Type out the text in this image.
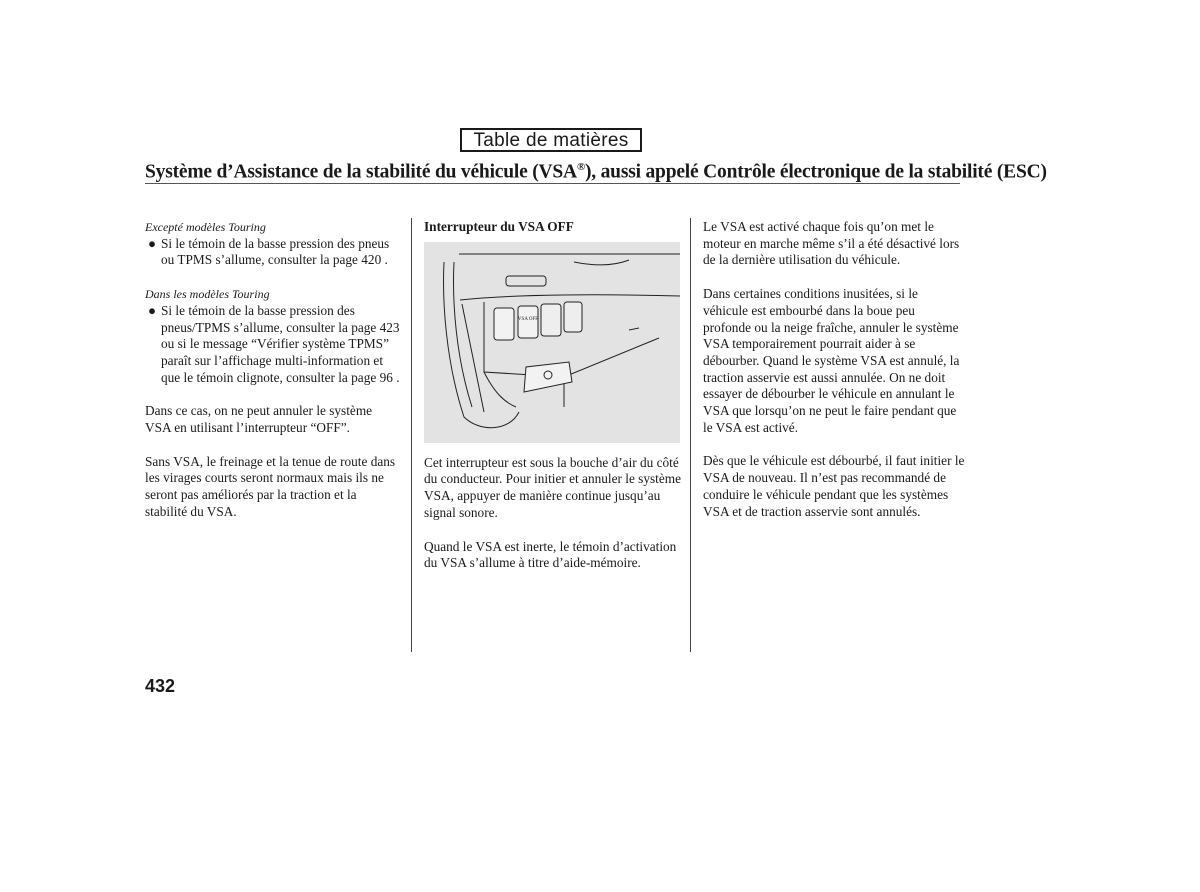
Table de matières
Système d’Assistance de la stabilité du véhicule (VSA®), aussi appelé Contrôle électronique de la stabilité (ESC)
Excepté modèles Touring
● Si le témoin de la basse pression des pneus ou TPMS s’allume, consulter la page 420 .
Dans les modèles Touring
● Si le témoin de la basse pression des pneus/TPMS s’allume, consulter la page 423 ou si le message “Vérifier système TPMS” paraît sur l’affichage multi-information et que le témoin clignote, consulter la page 96 .

Dans ce cas, on ne peut annuler le système VSA en utilisant l’interrupteur “OFF”.

Sans VSA, le freinage et la tenue de route dans les virages courts seront normaux mais ils ne seront pas améliorés par la traction et la stabilité du VSA.

Interrupteur du VSA OFF
VSA OFF

Cet interrupteur est sous la bouche d’air du côté du conducteur. Pour initier et annuler le système VSA, appuyer de manière continue jusqu’au signal sonore.

Quand le VSA est inerte, le témoin d’activation du VSA s’allume à titre d’aide-mémoire.

Le VSA est activé chaque fois qu’on met le moteur en marche même s’il a été désactivé lors de la dernière utilisation du véhicule.

Dans certaines conditions inusitées, si le véhicule est embourbé dans la boue peu profonde ou la neige fraîche, annuler le système VSA temporairement pourrait aider à se débourber. Quand le système VSA est annulé, la traction asservie est aussi annulée. On ne doit essayer de débourber le véhicule en annulant le VSA que lorsqu’on ne peut le faire pendant que le VSA est activé.

Dès que le véhicule est débourbé, il faut initier le VSA de nouveau. Il n’est pas recommandé de conduire le véhicule pendant que les systèmes VSA et de traction asservie sont annulés.

432
